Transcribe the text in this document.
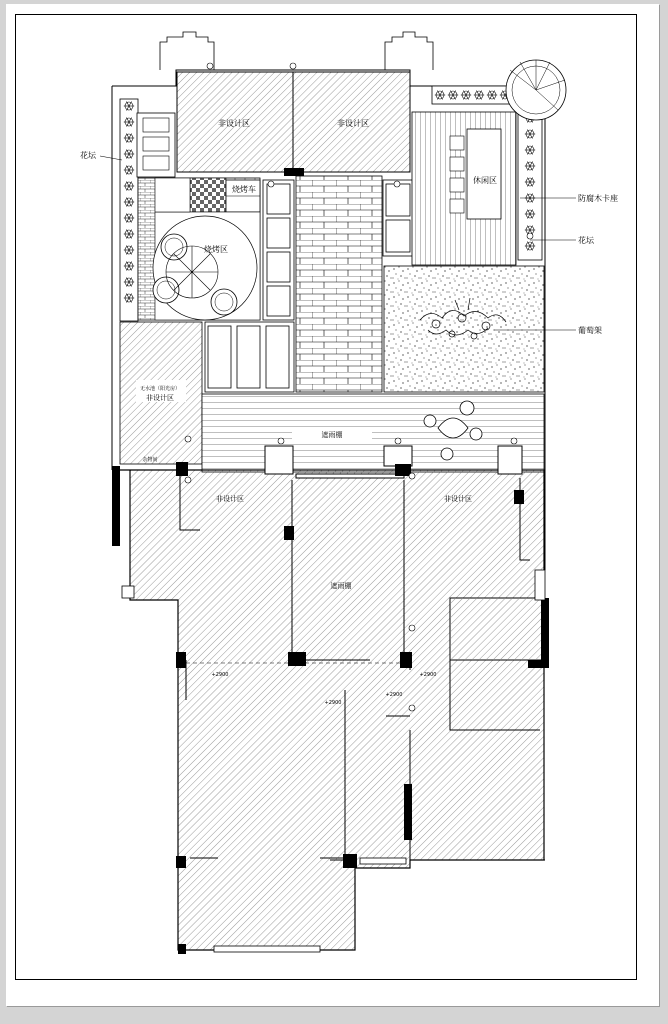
非设计区	非设计区
休闲区
烧烤车
烧烤区
花坛
防腐木卡座
花坛
葡萄架
无水池（阳光房）
非设计区
遮雨棚
杂物间
非设计区	非设计区
遮雨棚
+2900
+2900
+2900
+2900
